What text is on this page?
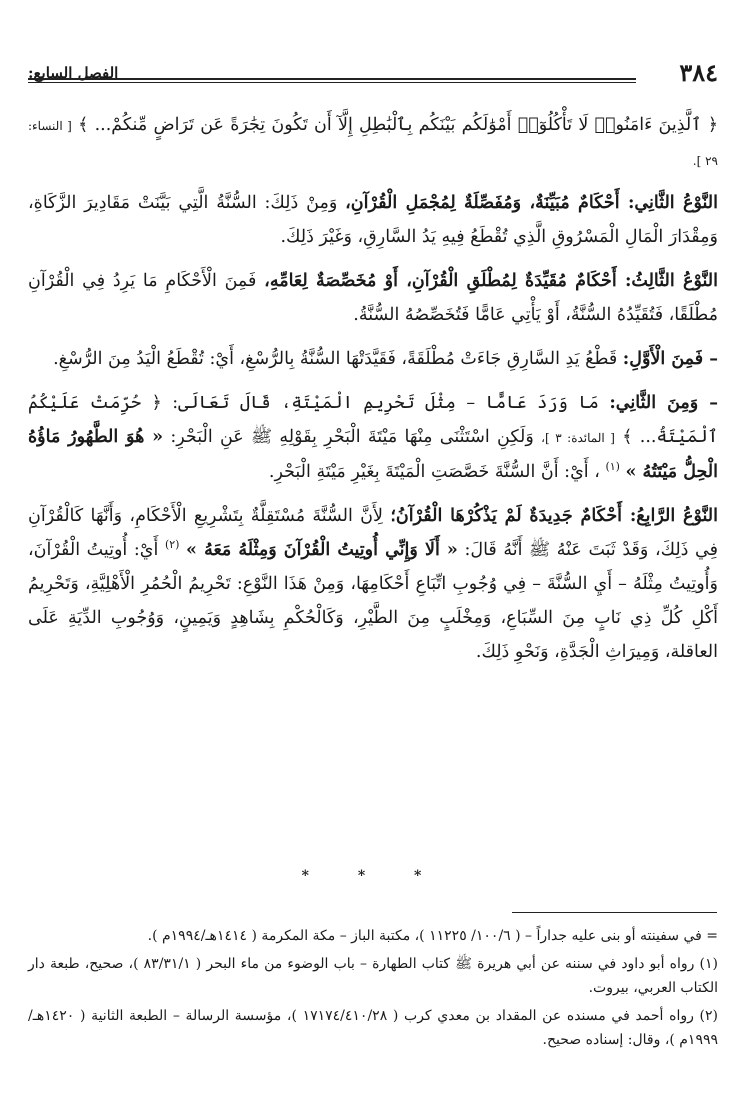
٣٨٤
الفصل السابع:

﴿ ٱلَّذِينَ ءَامَنُوا۟ لَا تَأْكُلُوٓا۟ أَمْوَٰلَكُم بَيْنَكُم بِٱلْبَٰطِلِ إِلَّآ أَن تَكُونَ تِجَٰرَةً عَن تَرَاضٍ مِّنكُمْ... ﴾ [ النساء: ٢٩ ].

النَّوْعُ الثَّانِي: أَحْكَامٌ مُبَيِّنَةٌ، وَمُفَصِّلَةٌ لِمُجْمَلِ الْقُرْآنِ، وَمِنْ ذَلِكَ: السُّنَّةُ الَّتِي بَيَّنَتْ مَقَادِيرَ الزَّكَاةِ، وَمِقْدَارَ الْمَالِ الْمَسْرُوقِ الَّذِي تُقْطَعُ فِيهِ يَدُ السَّارِقِ، وَغَيْرَ ذَلِكَ.

النَّوْعُ الثَّالِثُ: أَحْكَامٌ مُقَيِّدَةٌ لِمُطْلَقِ الْقُرْآنِ، أَوْ مُخَصِّصَةٌ لِعَامِّهِ، فَمِنَ الْأَحْكَامِ مَا يَرِدُ فِي الْقُرْآنِ مُطْلَقًا، فَتُقَيِّدُهُ السُّنَّةُ، أَوْ يَأْتِي عَامًّا فَتُخَصِّصُهُ السُّنَّةُ.

– فَمِنَ الْأَوَّلِ: قَطْعُ يَدِ السَّارِقِ جَاءَتْ مُطْلَقَةً، فَقَيَّدَتْهَا السُّنَّةُ بِالرُّسْغِ، أَيْ: تُقْطَعُ الْيَدُ مِنَ الرُّسْغِ.

– وَمِنَ الثَّانِي: مَا وَرَدَ عَامًّا – مِثْلَ تَحْرِيمِ الْمَيْتَةِ، قَالَ تَعَالَى: ﴿ حُرِّمَتْ عَلَيْكُمُ ٱلْمَيْتَةُ... ﴾ [ المائدة: ٣ ]، وَلَكِنِ اسْتَثْنَى مِنْهَا مَيْتَةَ الْبَحْرِ بِقَوْلِهِ ﷺ عَنِ الْبَحْرِ: « هُوَ الطَّهُورُ مَاؤُهُ الْحِلُّ مَيْتَتُهُ » $^{(١)}$ ، أَيْ: أَنَّ السُّنَّةَ خَصَّصَتِ الْمَيْتَةَ بِغَيْرِ مَيْتَةِ الْبَحْرِ.

النَّوْعُ الرَّابِعُ: أَحْكَامٌ جَدِيدَةٌ لَمْ يَذْكُرْهَا الْقُرْآنُ؛ لِأَنَّ السُّنَّةَ مُسْتَقِلَّةٌ بِتَشْرِيعِ الْأَحْكَامِ، وَأَنَّهَا كَالْقُرْآنِ فِي ذَلِكَ، وَقَدْ ثَبَتَ عَنْهُ ﷺ أَنَّهُ قَالَ: « أَلَا وَإِنِّي أُوتِيتُ الْقُرْآنَ وَمِثْلَهُ مَعَهُ » $^{(٢)}$ أَيْ: أُوتِيتُ الْقُرْآنَ، وَأُوتِيتُ مِثْلَهُ – أَيِ السُّنَّةَ – فِي وُجُوبِ اتِّبَاعِ أَحْكَامِهَا، وَمِنْ هَذَا النَّوْعِ: تَحْرِيمُ الْحُمُرِ الْأَهْلِيَّةِ، وَتَحْرِيمُ أَكْلِ كُلِّ ذِي نَابٍ مِنَ السِّبَاعِ، وَمِخْلَبٍ مِنَ الطَّيْرِ، وَكَالْحُكْمِ بِشَاهِدٍ وَيَمِينٍ، وَوُجُوبِ الدِّيَةِ عَلَى العاقلة، وَمِيرَاثِ الْجَدَّةِ، وَنَحْوِ ذَلِكَ.

* * *

= في سفينته أو بنى عليه جداراً – ( ١٠٠/٦/ ١١٢٢٥ )، مكتبة الباز – مكة المكرمة ( ١٤١٤هـ/١٩٩٤م ).

(١) رواه أبو داود في سننه عن أبي هريرة ﷺ كتاب الطهارة – باب الوضوء من ماء البحر ( ٨٣/٣١/١ )، صحيح، طبعة دار الكتاب العربي، بيروت.

(٢) رواه أحمد في مسنده عن المقداد بن معدي كرب ( ١٧١٧٤/٤١٠/٢٨ )، مؤسسة الرسالة – الطبعة الثانية ( ١٤٢٠هـ/١٩٩٩م )، وقال: إسناده صحيح.
